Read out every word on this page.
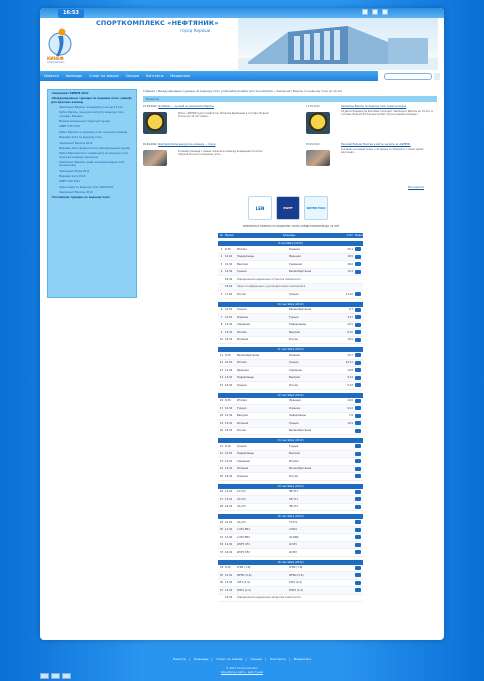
16:53
КИНЕФ
спорткомплекс
СПОРТКОМПЛЕКС «НЕФТЯНИК»
город Кириши
Новости Команды Спорт на заводе Секции Контакты Медиатека
▸ Чемпионат КИНЕФ 2012
▸ Международные турниры по водному поло «кинеф» для мужских команд
Чемпионат Европы по водному поло до 19 лет
Кубок Европы (женская лига) по водному поло «кинеф» Кириши
Межрегиональный открытый турнир
KINEF CUP 2012
Кубок Европы по водному поло женская команда
Мировая лига по водному поло
Чемпионат Европы 2012
Мировая лига (водное поло) мемориальный турнир
Кубок Европейского чемпионата по водному поло женская команда (юниорки)
Чемпионат Европы среди юниоров водное поло (юниорская)
Чемпионат Мира 2011
Мировая лига 2010
KINEF CUP 2011
Кубок мира по водному поло 2010/2011
Чемпионат Европы 2010
▸ Российские турниры по водному поло
Главная » Международные турниры по водному поло | International water polo tournaments » Чемпионат Европы по водному поло до 19 лет
Новости
15.09.2012 До Ваших — лучший на чемпионате Европы
Игрок «КИНЕФ-Сургутнефтегаз» Виталий Дробышев в составе сборной России до 19 лет занял...
11.09.2012	Чемпионы Европы по водному поло среди юниоров
24 Дня в Киришском бассейне проходит Чемпионат Европы до 19 лет, в составе сборной России выступают игроки нашей команды...
10.09.2012 Дмитрий Холод вернулся в команду — город
В нашей команде с новым сезоном в команду возвращается игрок сборной России по водному поло...
05.09.2012	Николай Бойцов: Мечтаю в матче сыграть за «КИНЕФ»
О планах на новый сезон, о встречах со сборной и о своих целях рассказал...
Все новости
LEN	RWPF	WATER POLO
ЧЕМПИОНАТ ЕВРОПЫ ПО ВОДНОМУ ПОЛО СРЕДИ ЮНИОРОВ ДО 19 ЛЕТ
№ Время	Команды	Счёт Видео
8 сентября (2012)
1	8.30	Италия	Украина	25:1
2	10.00	Нидерланды	Франция	18:5
3	12.30	Венгрия	Германия	16:6
4	14.30	Греция	Великобритания	13:4
16.30	Официальная церемония открытия чемпионата
18.00	Пресс-конференция с руководителями чемпионата
5	17.00	Россия	Греция	11:10
10 сентября (2012)
6	10.30	Греция	Великобритания	5:3
7	10.30	Украина	Турция	4:17
8	12.30	Германия	Нидерланды	12:5
9	14.30	Италия	Венгрия	6:10
10 16.30	Испания	Россия	10:6
11 сентября (2012)
11 8.30	Великобритания	Украина	14:7
12 10.30	Италия	Греция	10:11
13 12.30	Франция	Германия	14:8
14 14.30	Нидерланды	Венгрия	9:14
15 16.30	Греция	Россия	5:12
12 сентября (2012)
16 8.30	Италия	Франция	14:6
17 10.30	Турция	Украина	9:12
18 12.30	Венгрия	Нидерланды	7:8
19 14.30	Испания	Греция	10:9
20 16.30	Россия	Великобритания
13 сентября (2012)
21 8.30	Греция	Турция
22 10.30	Нидерланды	Венгрия
23 12.30	Германия	Италия
24 14.30	Испания	Великобритания
25 16.30	Украина	Россия
14 сентября (2012)
26 12.30	1A-3Y1	9В-3Y1
27 14.30	2A-3Y1	2B-3Y1
28 16.30	3A-3Y1	3В-3Y1
15 сентября (2012)
29 10.30	3A-3Y1	3Y-3Y1
30 12.30	L-SF1 РМ1	4-RM1
31 12.30	L-SF2 РМ2	4C-RM2
32 14.30	WQF1 SF1	W-SF1
33 16.30	WQF2 SF2	W-SF2
16 сентября (2012)
34 8.30	LFM1 (7-8)	LFM2 (7-8)
35 10.30	WFM1 (5-6)	WFM2 (5-6)
36 12.30	LSF1 (3-4)	LSF2 (3-4)
37 14.30	WSF1 (1-2)	WSF2 (1-2)
16.30	Официальная церемония закрытия чемпионата
Новости | Команды | Спорт на заводе | Секции | Контакты | Медиатека
© 2011 Спорткомплекс
Разработка сайта - веб-студия
